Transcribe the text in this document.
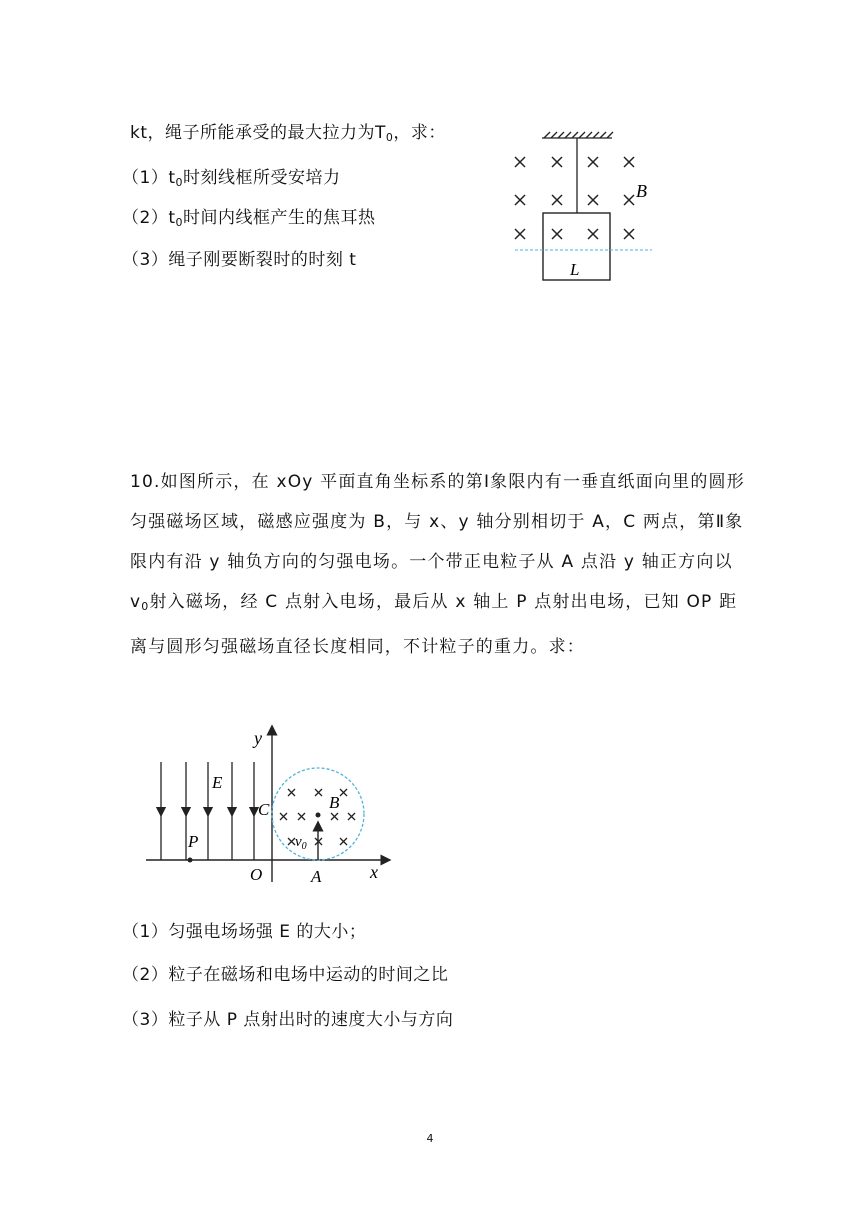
kt，绳子所能承受的最大拉力为$T_0$，求：
$(1)t_0$时刻线框所受安培力
$(2)t_0$时间内线框产生的焦耳热
（3）绳子刚要断裂时的时刻 t
B
L
10.如图所示，在 xOy 平面直角坐标系的第Ⅰ象限内有一垂直纸面向里的圆形匀强磁场区域，磁感应强度为 B，与 x、y 轴分别相切于 A，C 两点，第Ⅱ象限内有沿 y 轴负方向的匀强电场。一个带正电粒子从 A 点沿 y 轴正方向以$v_0$射入磁场，经 C 点射入电场，最后从 x 轴上 P 点射出电场，已知 OP 距离与圆形匀强磁场直径长度相同，不计粒子的重力。求：
y
x
O	A
C
P
E
B
$v_0$
（1）匀强电场场强 E 的大小；
（2）粒子在磁场和电场中运动的时间之比
（3）粒子从 P 点射出时的速度大小与方向
4
